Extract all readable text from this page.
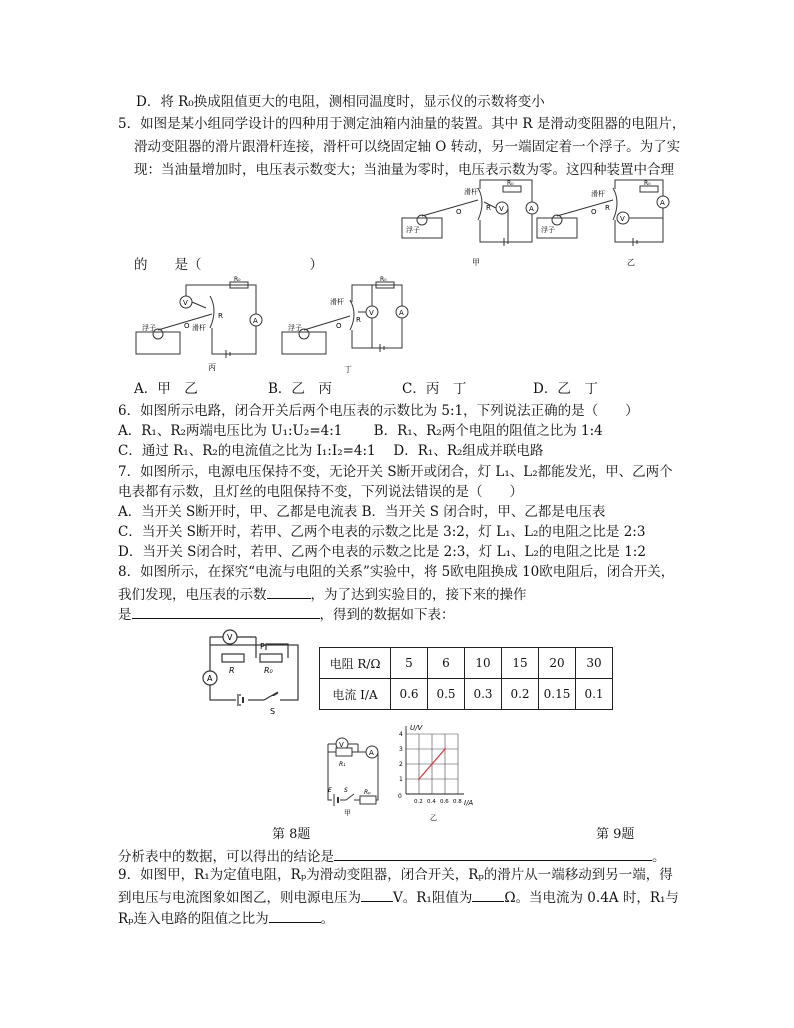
D．将 R₀换成阻值更大的电阻，测相同温度时，显示仪的示数将变小
5．如图是某小组同学设计的四种用于测定油箱内油量的装置。其中 R 是滑动变阻器的电阻片，
滑动变阻器的滑片跟滑杆连接，滑杆可以绕固定轴 O 转动，另一端固定着一个浮子。为了实
现：当油量增加时，电压表示数变大；当油量为零时，电压表示数为零。这四种装置中合理
的　　是（　　　　　　　　）
浮子
O
滑杆
R
R₀
V	A
甲
浮子
O
滑杆
R
R₀
V
A
乙
浮子	O 滑杆
R
R₀
V
A
丙
浮子	O
滑杆
R
R₀
V	A
丁
A．甲　乙	B．乙　丙	C．丙　丁	D．乙　丁
6．如图所示电路，闭合开关后两个电压表的示数比为 5:1，下列说法正确的是（　　）
A．R₁、R₂两端电压比为 U₁:U₂=4:1　　 B．R₁、R₂两个电阻的阻值之比为 1:4
C．通过 R₁、R₂的电流值之比为 I₁:I₂=4:1　 D．R₁、R₂组成并联电路
7．如图所示，电源电压保持不变，无论开关 S断开或闭合，灯 L₁、L₂都能发光，甲、乙两个
电表都有示数，且灯丝的电阻保持不变，下列说法错误的是（　　）
A．当开关 S断开时，甲、乙都是电流表 B．当开关 S 闭合时，甲、乙都是电压表
C．当开关 S断开时，若甲、乙两个电表的示数之比是 3:2，灯 L₁、L₂的电阻之比是 2:3
D．当开关 S闭合时，若甲、乙两个电表的示数之比是 2:3，灯 L₁、L₂的电阻之比是 1:2
8．如图所示，在探究“电流与电阻的关系”实验中，将 5欧电阻换成 10欧电阻后，闭合开关，
我们发现，电压表的示数	，为了达到实验目的，接下来的操作
是	，得到的数据如下表：
V
A
R	R₀
P
S
电阻 R/Ω	5	6	10	15	20	30
电流 I/A	0.6	0.5	0.3	0.2	0.15	0.1
V
A
R₁
Rₚ
E S
甲
0.2 0.4 0.6 0.8
1
2
3
4
U/V
I/A
0
乙
第 8题	第 9题
分析表中的数据，可以得出的结论是	。
9．如图甲，R₁为定值电阻，Rₚ为滑动变阻器，闭合开关，Rₚ的滑片从一端移动到另一端，得
到电压与电流图象如图乙，则电源电压为 V。R₁阻值为 Ω。当电流为 0.4A 时，R₁与
Rₚ连入电路的阻值之比为	。
